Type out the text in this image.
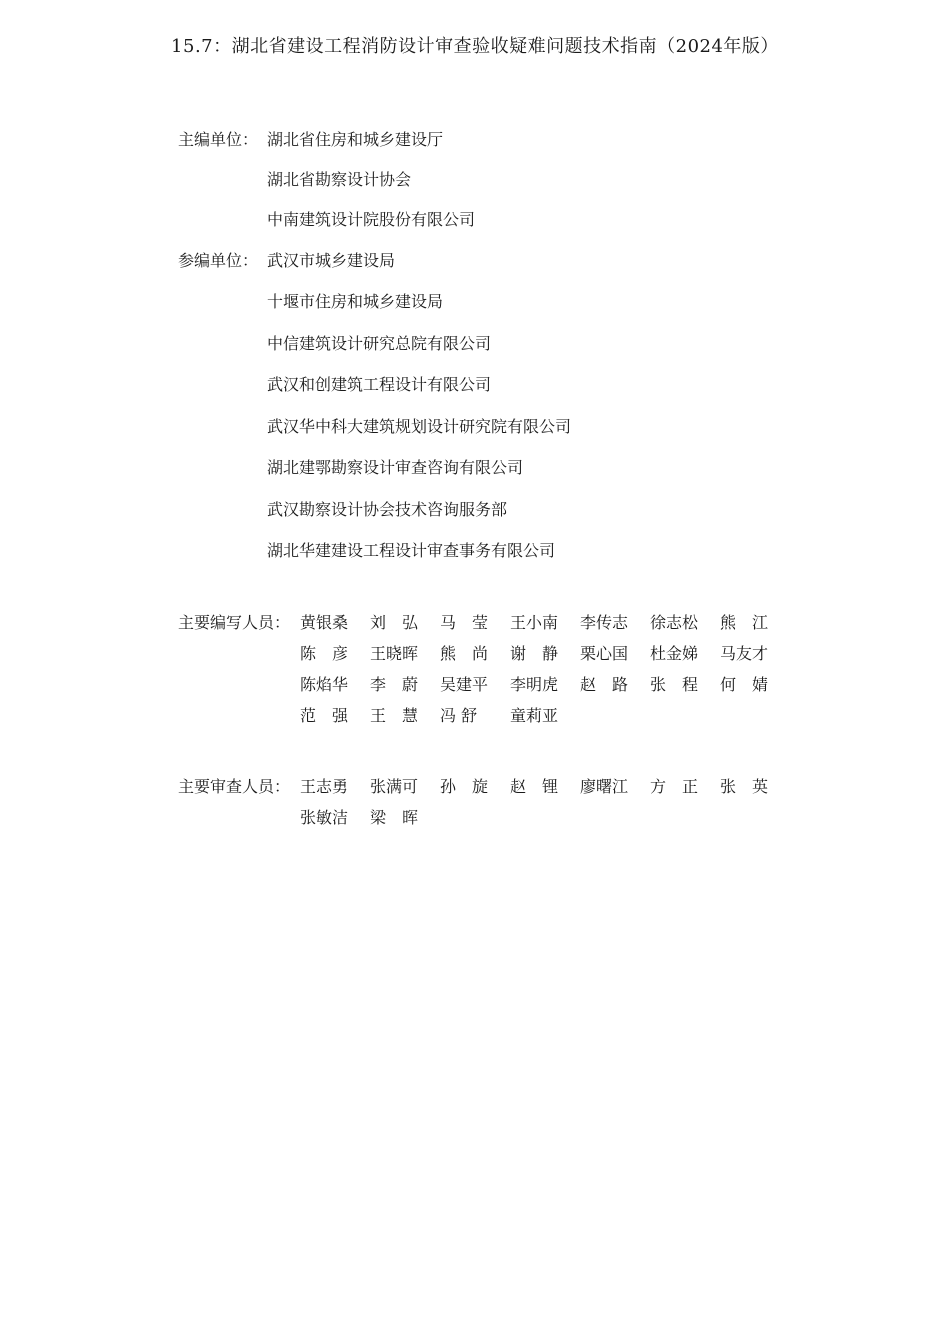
15.7：湖北省建设工程消防设计审查验收疑难问题技术指南（2024年版）
主编单位： 湖北省住房和城乡建设厅
湖北省勘察设计协会
中南建筑设计院股份有限公司
参编单位： 武汉市城乡建设局
十堰市住房和城乡建设局
中信建筑设计研究总院有限公司
武汉和创建筑工程设计有限公司
武汉华中科大建筑规划设计研究院有限公司
湖北建鄂勘察设计审查咨询有限公司
武汉勘察设计协会技术咨询服务部
湖北华建建设工程设计审查事务有限公司
主要编写人员： 黄银桑 刘　弘 马　莹 王小南 李传志 徐志松 熊　江
陈　彦 王晓晖 熊　尚 谢　静 栗心国 杜金娣 马友才
陈焰华 李　蔚 吴建平 李明虎 赵　路 张　程 何　婧
范　强 王　慧 冯 舒 童莉亚
主要审查人员： 王志勇 张满可 孙　旋 赵　锂 廖曙江 方　正 张　英
张敏洁 梁　晖
